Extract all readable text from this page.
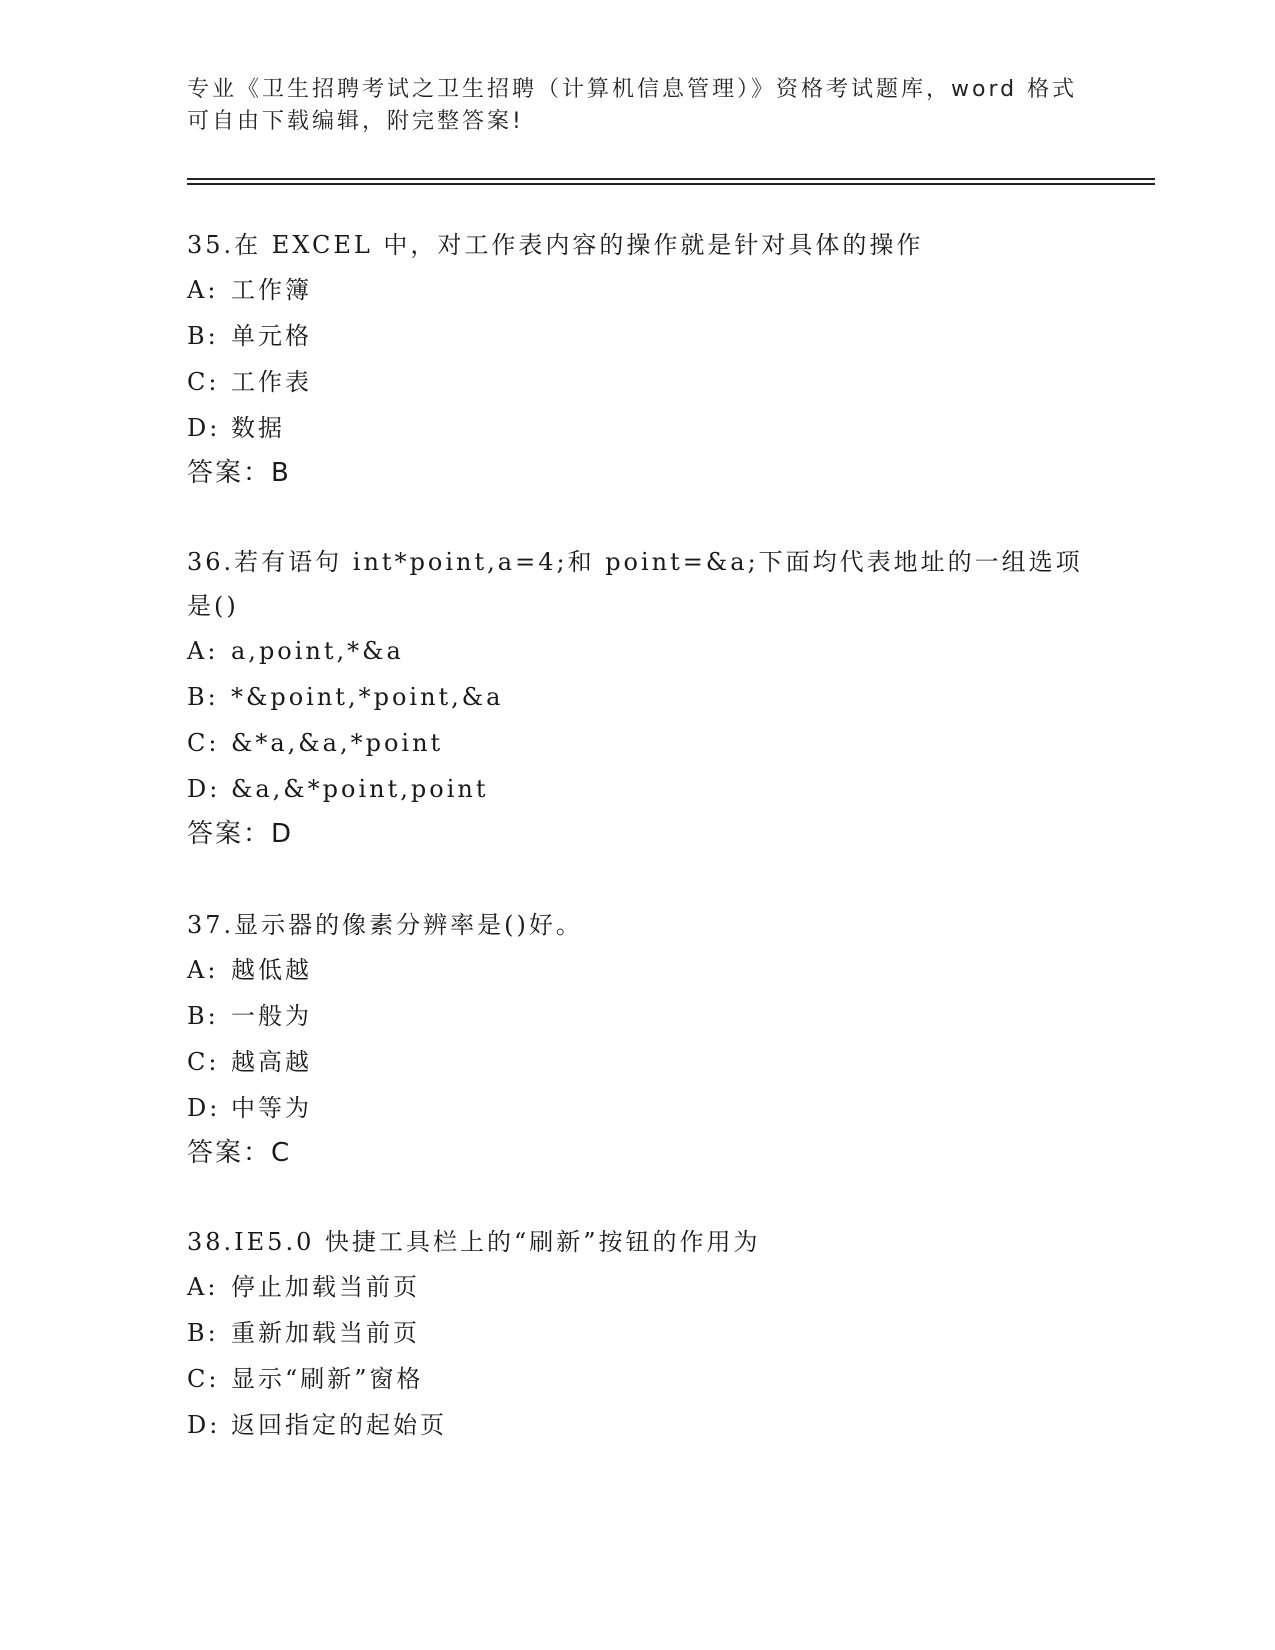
专业《卫生招聘考试之卫生招聘（计算机信息管理）》资格考试题库，word 格式
可自由下载编辑，附完整答案!

35.在 EXCEL 中，对工作表内容的操作就是针对具体的操作

A: 工作簿

B: 单元格

C: 工作表

D: 数据

答案：B

36.若有语句 int*point,a=4;和 point=&a;下面均代表地址的一组选项

是()

A: a,point,*&a

B: *&point,*point,&a

C: &*a,&a,*point

D: &a,&*point,point

答案：D

37.显示器的像素分辨率是()好。

A: 越低越

B: 一般为

C: 越高越

D: 中等为

答案：C

38.IE5.0 快捷工具栏上的“刷新”按钮的作用为

A: 停止加载当前页

B: 重新加载当前页

C: 显示“刷新”窗格

D: 返回指定的起始页
